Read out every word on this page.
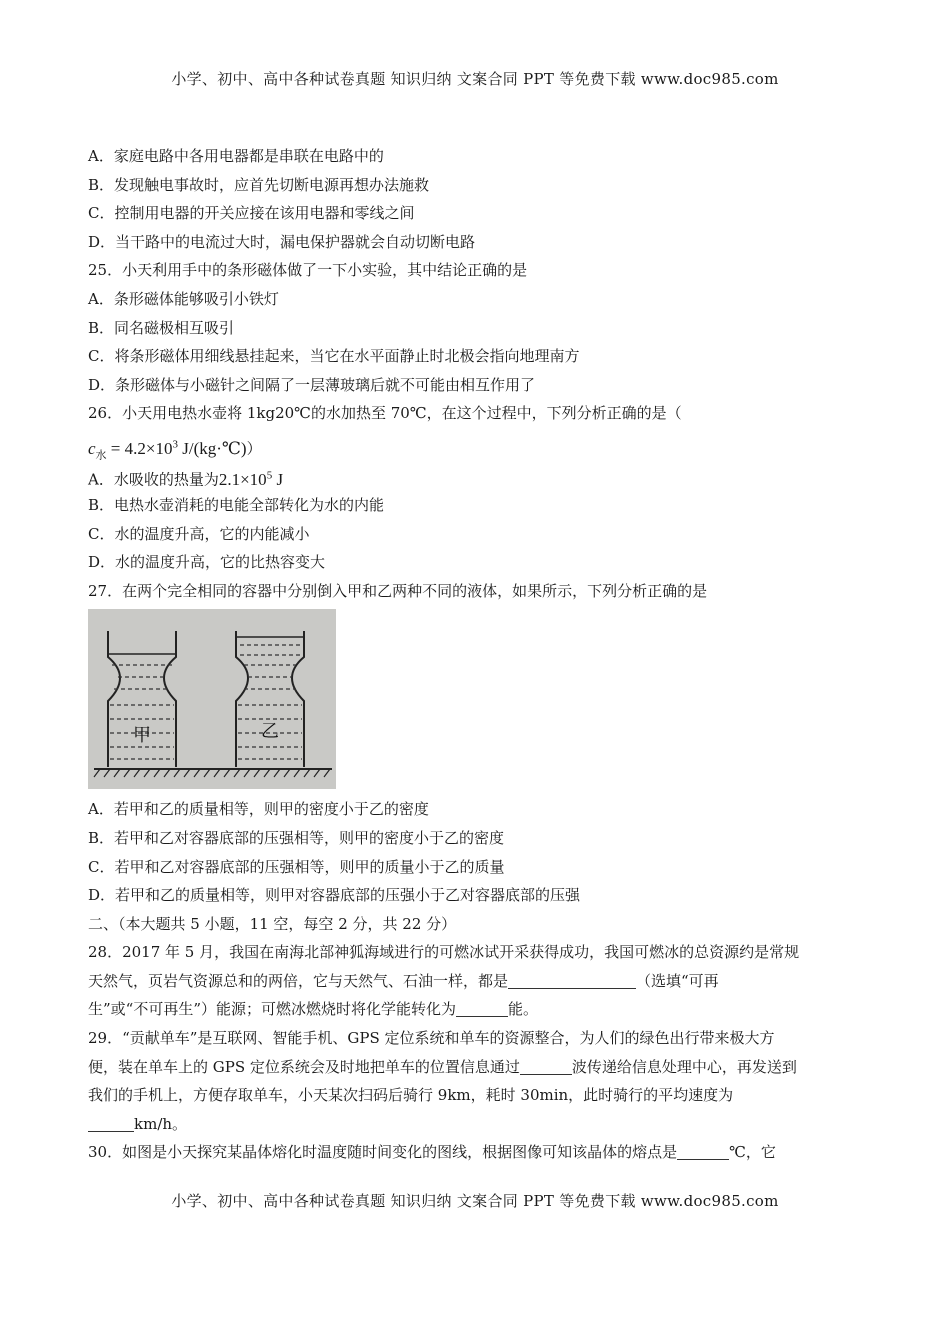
小学、初中、高中各种试卷真题 知识归纳 文案合同 PPT 等免费下载 www.doc985.com
A．家庭电路中各用电器都是串联在电路中的
B．发现触电事故时，应首先切断电源再想办法施救
C．控制用电器的开关应接在该用电器和零线之间
D．当干路中的电流过大时，漏电保护器就会自动切断电路
25．小天利用手中的条形磁体做了一下小实验，其中结论正确的是
A．条形磁体能够吸引小铁灯
B．同名磁极相互吸引
C．将条形磁体用细线悬挂起来，当它在水平面静止时北极会指向地理南方
D．条形磁体与小磁针之间隔了一层薄玻璃后就不可能由相互作用了
26．小天用电热水壶将 1kg20℃的水加热至 70℃，在这个过程中，下列分析正确的是（
$c_水 = 4.2\times 10^3$ J/(kg·℃)）
A．水吸收的热量为$2.1\times 10^5$ J
B．电热水壶消耗的电能全部转化为水的内能
C．水的温度升高，它的内能减小
D．水的温度升高，它的比热容变大
27．在两个完全相同的容器中分别倒入甲和乙两种不同的液体，如果所示，下列分析正确的是
甲	乙
A．若甲和乙的质量相等，则甲的密度小于乙的密度
B．若甲和乙对容器底部的压强相等，则甲的密度小于乙的密度
C．若甲和乙对容器底部的压强相等，则甲的质量小于乙的质量
D．若甲和乙的质量相等，则甲对容器底部的压强小于乙对容器底部的压强
二、（本大题共 5 小题，11 空，每空 2 分，共 22 分）
28．2017 年 5 月，我国在南海北部神狐海域进行的可燃冰试开采获得成功，我国可燃冰的总资源约是常规
天然气，页岩气资源总和的两倍，它与天然气、石油一样，都是	（选填“可再
生”或“不可再生”）能源；可燃冰燃烧时将化学能转化为	能。
29．“贡献单车”是互联网、智能手机、GPS 定位系统和单车的资源整合，为人们的绿色出行带来极大方
便，装在单车上的 GPS 定位系统会及时地把单车的位置信息通过	波传递给信息处理中心，再发送到
我们的手机上，方便存取单车，小天某次扫码后骑行 9km，耗时 30min，此时骑行的平均速度为
km/h。
30．如图是小天探究某晶体熔化时温度随时间变化的图线，根据图像可知该晶体的熔点是	℃，它
小学、初中、高中各种试卷真题 知识归纳 文案合同 PPT 等免费下载 www.doc985.com
